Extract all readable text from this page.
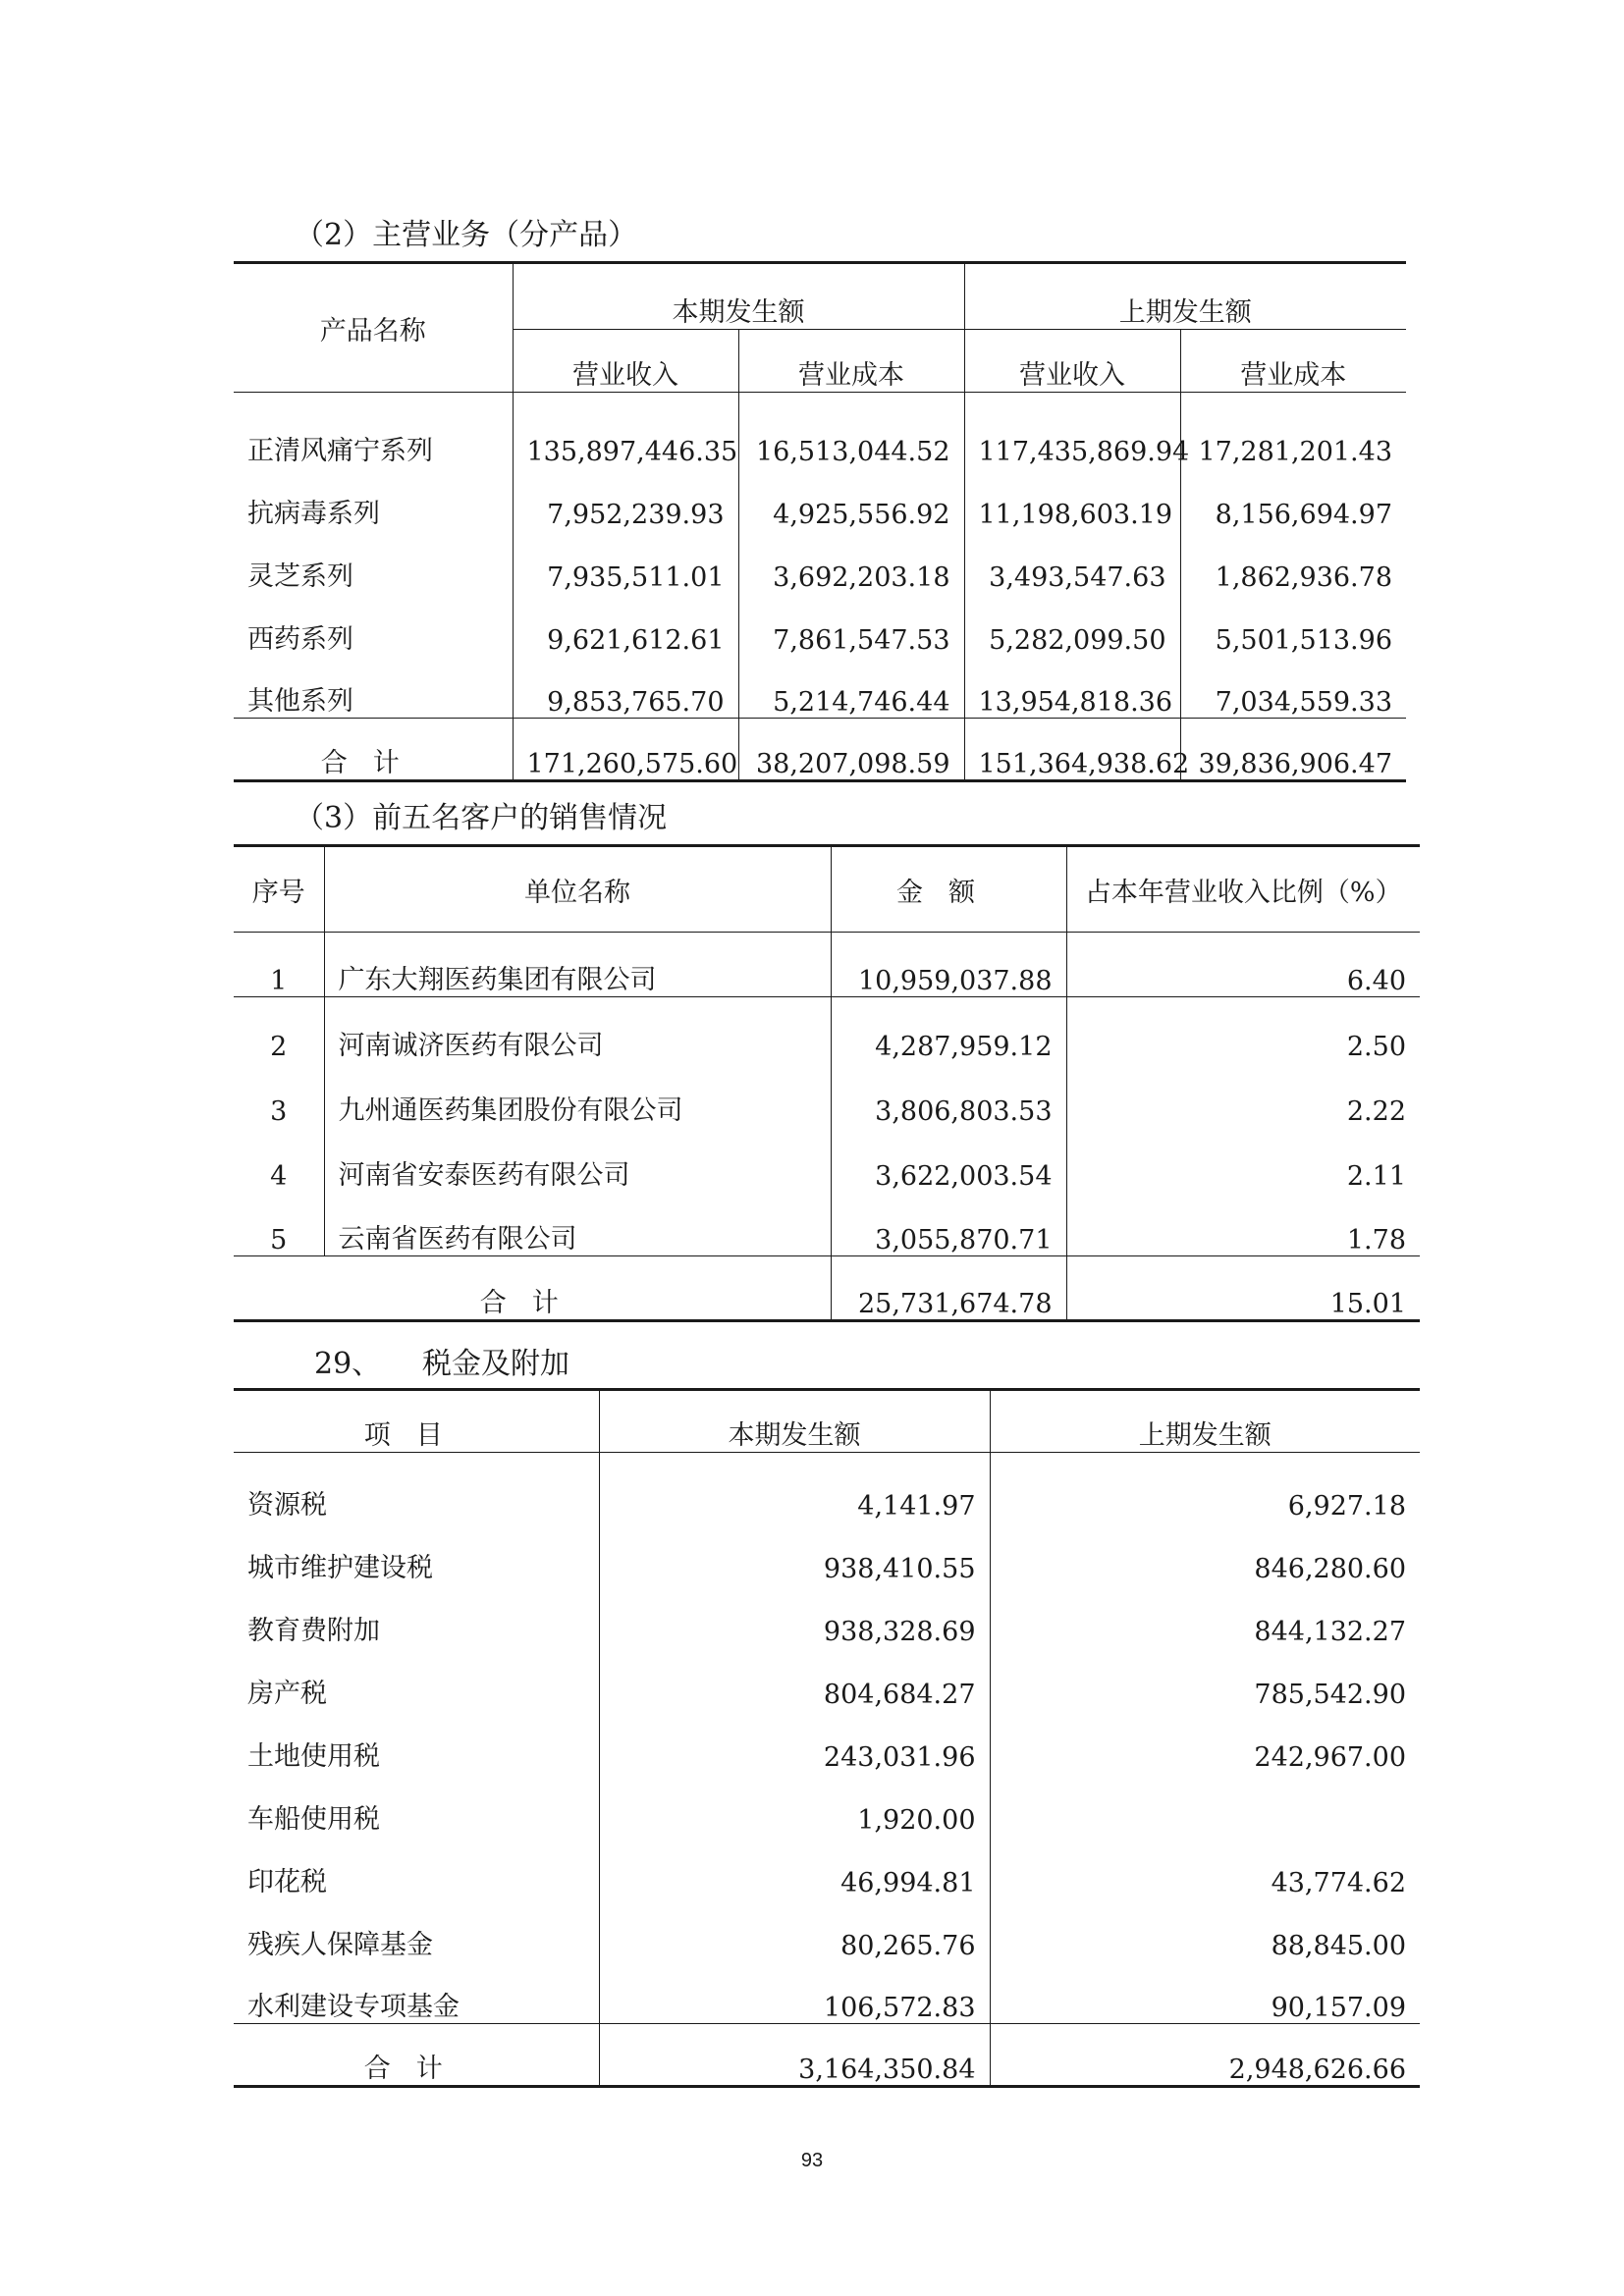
（2）主营业务（分产品）
产品名称	本期发生额		上期发生额	
	营业收入	营业成本	营业收入	营业成本
正清风痛宁系列	135,897,446.35	16,513,044.52	117,435,869.94	17,281,201.43
抗病毒系列	7,952,239.93	4,925,556.92	11,198,603.19	8,156,694.97
灵芝系列	7,935,511.01	3,692,203.18	3,493,547.63	1,862,936.78
西药系列	9,621,612.61	7,861,547.53	5,282,099.50	5,501,513.96
其他系列	9,853,765.70	5,214,746.44	13,954,818.36	7,034,559.33
合计	171,260,575.60	38,207,098.59	151,364,938.62	39,836,906.47
（3）前五名客户的销售情况
序号	单位名称	金额	占本年营业收入比例（%）
1	广东大翔医药集团有限公司	10,959,037.88	6.40
2	河南诚济医药有限公司	4,287,959.12	2.50
3	九州通医药集团股份有限公司	3,806,803.53	2.22
4	河南省安泰医药有限公司	3,622,003.54	2.11
5	云南省医药有限公司	3,055,870.71	1.78
合计		25,731,674.78	15.01
29、 税金及附加
项目	本期发生额	上期发生额
资源税	4,141.97	6,927.18
城市维护建设税	938,410.55	846,280.60
教育费附加	938,328.69	844,132.27
房产税	804,684.27	785,542.90
土地使用税	243,031.96	242,967.00
车船使用税	1,920.00	
印花税	46,994.81	43,774.62
残疾人保障基金	80,265.76	88,845.00
水利建设专项基金	106,572.83	90,157.09
合计	3,164,350.84	2,948,626.66
93
